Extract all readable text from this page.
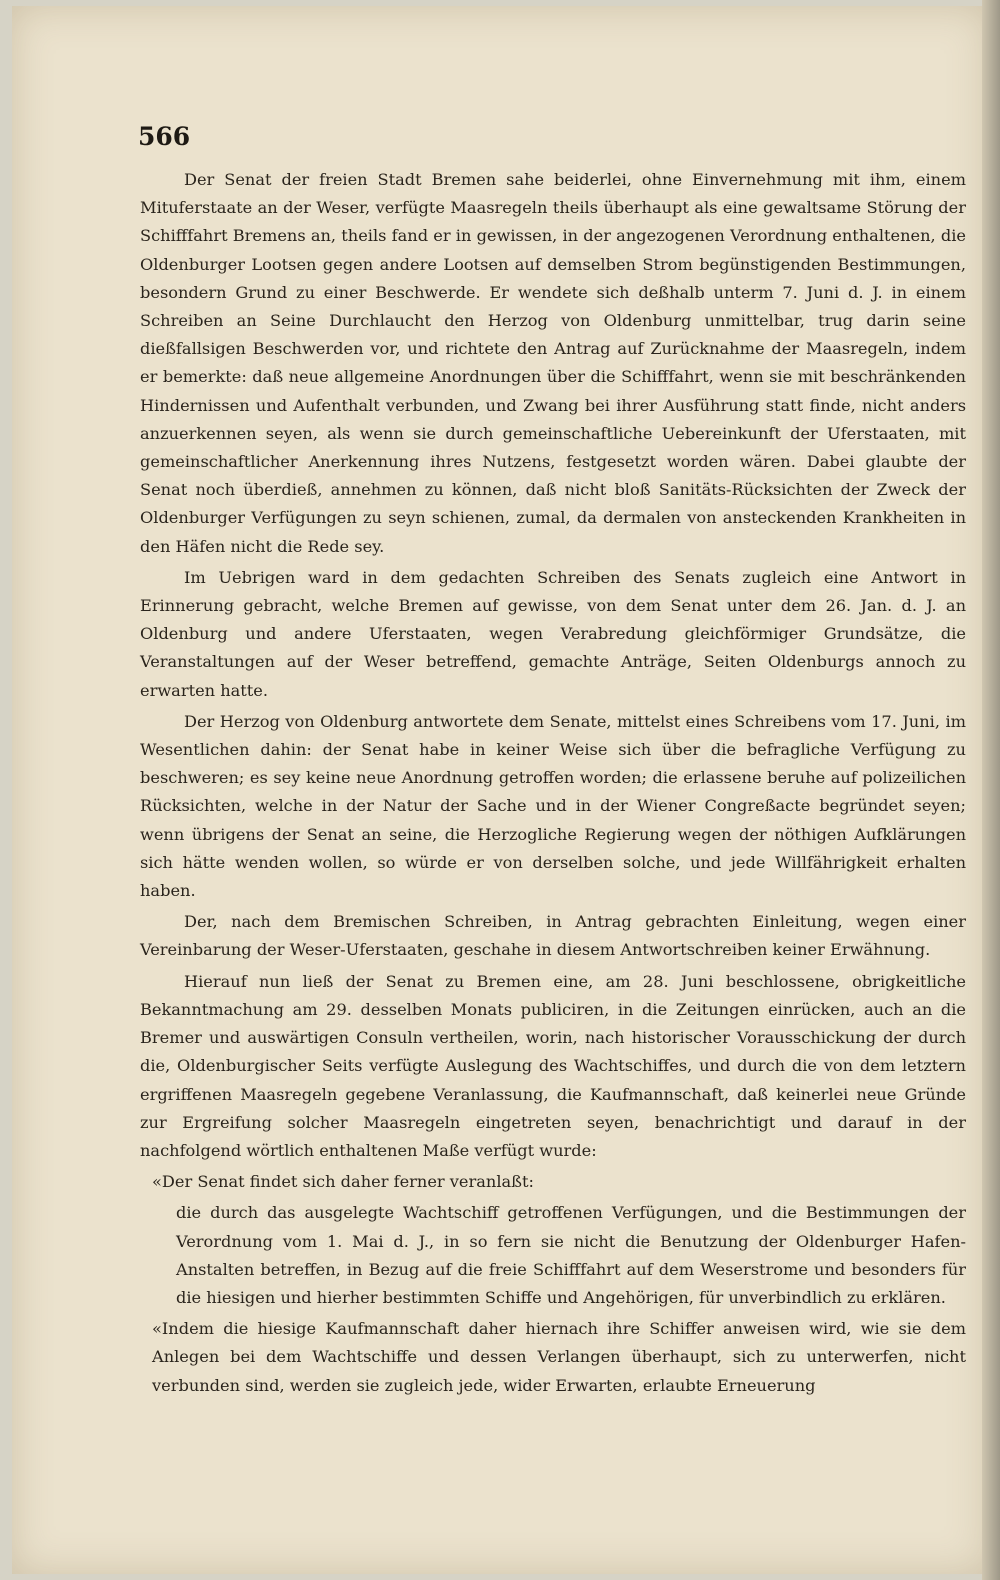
566

Der Senat der freien Stadt Bremen sahe beiderlei, ohne Einvernehmung mit ihm, einem Mituferstaate an der Weser, verfügte Maasregeln theils überhaupt als eine gewaltsame Störung der Schifffahrt Bremens an, theils fand er in gewissen, in der angezogenen Verordnung enthaltenen, die Oldenburger Lootsen gegen andere Lootsen auf demselben Strom begünstigenden Bestimmungen, besondern Grund zu einer Beschwerde. Er wendete sich deßhalb unterm 7. Juni d. J. in einem Schreiben an Seine Durchlaucht den Herzog von Oldenburg unmittelbar, trug darin seine dießfallsigen Beschwerden vor, und richtete den Antrag auf Zurücknahme der Maasregeln, indem er bemerkte: daß neue allgemeine Anordnungen über die Schifffahrt, wenn sie mit beschränkenden Hindernissen und Aufenthalt verbunden, und Zwang bei ihrer Ausführung statt finde, nicht anders anzuerkennen seyen, als wenn sie durch gemeinschaftliche Uebereinkunft der Uferstaaten, mit gemeinschaftlicher Anerkennung ihres Nutzens, festgesetzt worden wären. Dabei glaubte der Senat noch überdieß, annehmen zu können, daß nicht bloß Sanitäts-Rücksichten der Zweck der Oldenburger Verfügungen zu seyn schienen, zumal, da dermalen von ansteckenden Krankheiten in den Häfen nicht die Rede sey.

Im Uebrigen ward in dem gedachten Schreiben des Senats zugleich eine Antwort in Erinnerung gebracht, welche Bremen auf gewisse, von dem Senat unter dem 26. Jan. d. J. an Oldenburg und andere Uferstaaten, wegen Verabredung gleichförmiger Grundsätze, die Veranstaltungen auf der Weser betreffend, gemachte Anträge, Seiten Oldenburgs annoch zu erwarten hatte.

Der Herzog von Oldenburg antwortete dem Senate, mittelst eines Schreibens vom 17. Juni, im Wesentlichen dahin: der Senat habe in keiner Weise sich über die befragliche Verfügung zu beschweren; es sey keine neue Anordnung getroffen worden; die erlassene beruhe auf polizeilichen Rücksichten, welche in der Natur der Sache und in der Wiener Congreßacte begründet seyen; wenn übrigens der Senat an seine, die Herzogliche Regierung wegen der nöthigen Aufklärungen sich hätte wenden wollen, so würde er von derselben solche, und jede Willfährigkeit erhalten haben.

Der, nach dem Bremischen Schreiben, in Antrag gebrachten Einleitung, wegen einer Vereinbarung der Weser-Uferstaaten, geschahe in diesem Antwortschreiben keiner Erwähnung.

Hierauf nun ließ der Senat zu Bremen eine, am 28. Juni beschlossene, obrigkeitliche Bekanntmachung am 29. desselben Monats publiciren, in die Zeitungen einrücken, auch an die Bremer und auswärtigen Consuln vertheilen, worin, nach historischer Vorausschickung der durch die, Oldenburgischer Seits verfügte Auslegung des Wachtschiffes, und durch die von dem letztern ergriffenen Maasregeln gegebene Veranlassung, die Kaufmannschaft, daß keinerlei neue Gründe zur Ergreifung solcher Maasregeln eingetreten seyen, benachrichtigt und darauf in der nachfolgend wörtlich enthaltenen Maße verfügt wurde:

«Der Senat findet sich daher ferner veranlaßt:

die durch das ausgelegte Wachtschiff getroffenen Verfügungen, und die Bestimmungen der Verordnung vom 1. Mai d. J., in so fern sie nicht die Benutzung der Oldenburger Hafen-Anstalten betreffen, in Bezug auf die freie Schifffahrt auf dem Weserstrome und besonders für die hiesigen und hierher bestimmten Schiffe und Angehörigen, für unverbindlich zu erklären.

«Indem die hiesige Kaufmannschaft daher hiernach ihre Schiffer anweisen wird, wie sie dem Anlegen bei dem Wachtschiffe und dessen Verlangen überhaupt, sich zu unterwerfen, nicht verbunden sind, werden sie zugleich jede, wider Erwarten, erlaubte Erneuerung
